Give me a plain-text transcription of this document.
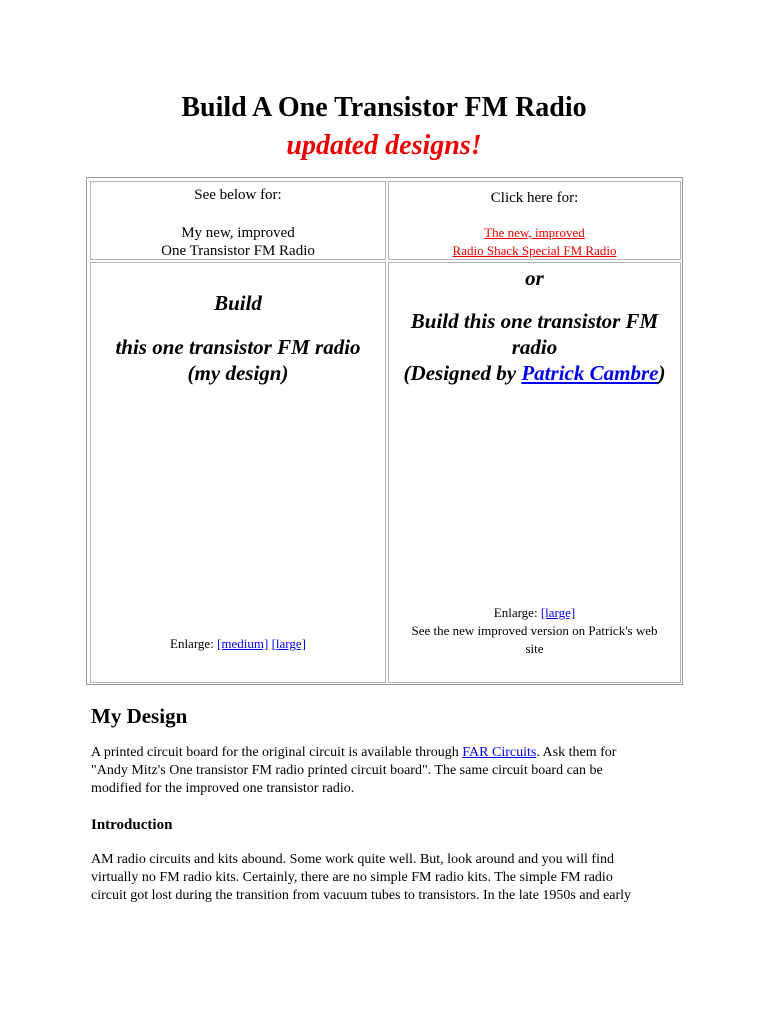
Build A One Transistor FM Radio
updated designs!
See below for:
My new, improved
One Transistor FM Radio
Click here for:
The new, improved
Radio Shack Special FM Radio
Build
this one transistor FM radio
(my design)
Enlarge: [medium] [large]
or
Build this one transistor FM
radio
(Designed by Patrick Cambre)
Enlarge: [large]
See the new improved version on Patrick's web
site
My Design
A printed circuit board for the original circuit is available through FAR Circuits. Ask them for
"Andy Mitz's One transistor FM radio printed circuit board". The same circuit board can be
modified for the improved one transistor radio.
Introduction
AM radio circuits and kits abound. Some work quite well. But, look around and you will find
virtually no FM radio kits. Certainly, there are no simple FM radio kits. The simple FM radio
circuit got lost during the transition from vacuum tubes to transistors. In the late 1950s and early
